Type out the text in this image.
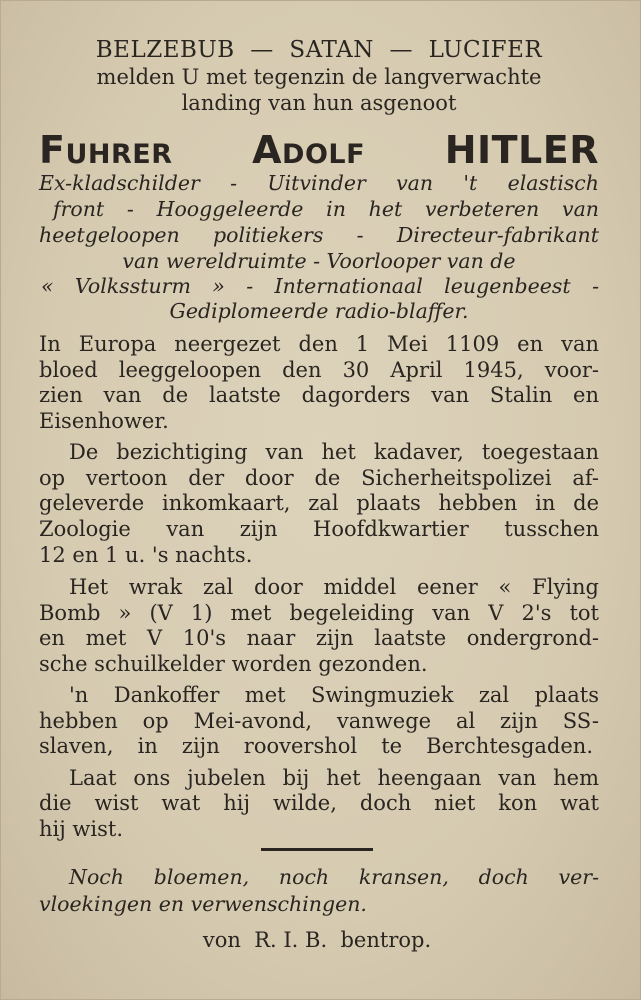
BELZEBUB  —  SATAN  —  LUCIFER
melden U met tegenzin de langverwachte
landing van hun asgenoot
Fuhrer Adolf HITLER
Ex-kladschilder - Uitvinder van 't elastisch
front - Hooggeleerde in het verbeteren van
heetgeloopen politiekers - Directeur-fabrikant
van wereldruimte - Voorlooper van de
« Volkssturm » - Internationaal leugenbeest -
Gediplomeerde radio-blaffer.
In Europa neergezet den 1 Mei 1109 en van
bloed leeggeloopen den 30 April 1945, voor-
zien van de laatste dagorders van Stalin en
Eisenhower.
De bezichtiging van het kadaver, toegestaan
op vertoon der door de Sicherheitspolizei af-
geleverde inkomkaart, zal plaats hebben in de
Zoologie van zijn Hoofdkwartier tusschen
12 en 1 u. 's nachts.
Het wrak zal door middel eener « Flying
Bomb » (V 1) met begeleiding van V 2's tot
en met V 10's naar zijn laatste ondergrond-
sche schuilkelder worden gezonden.
'n Dankoffer met Swingmuziek zal plaats
hebben op Mei-avond, vanwege al zijn SS-
slaven, in zijn roovershol te Berchtesgaden.
Laat ons jubelen bij het heengaan van hem
die wist wat hij wilde, doch niet kon wat
hij wist.
Noch bloemen, noch kransen, doch ver-
vloekingen en verwenschingen.
von  R. I. B.  bentrop.
